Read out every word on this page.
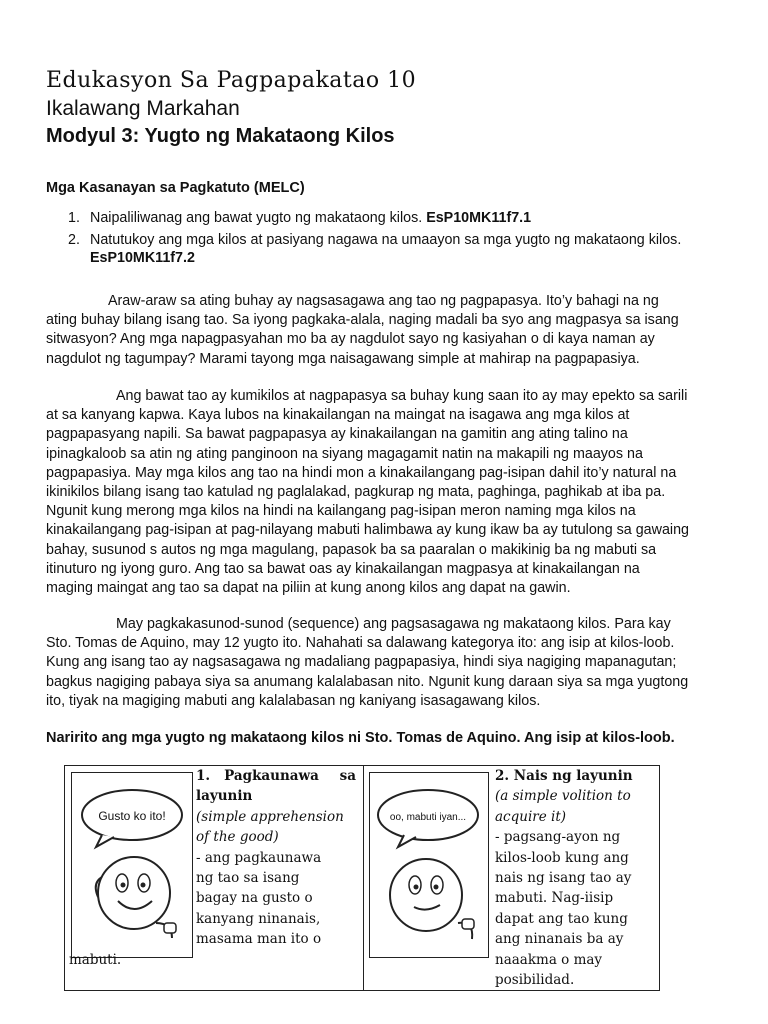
Edukasyon Sa Pagpapakatao 10
Ikalawang Markahan
Modyul 3: Yugto ng Makataong Kilos
Mga Kasanayan sa Pagkatuto (MELC)
1. Naipaliliwanag ang bawat yugto ng makataong kilos. EsP10MK11f7.1
2. Natutukoy ang mga kilos at pasiyang nagawa na umaayon sa mga yugto ng makataong kilos.
EsP10MK11f7.2
Araw-araw sa ating buhay ay nagsasagawa ang tao ng pagpapasya. Ito’y bahagi na ng
ating buhay bilang isang tao. Sa iyong pagkaka-alala, naging madali ba syo ang magpasya sa isang
sitwasyon? Ang mga napagpasyahan mo ba ay nagdulot sayo ng kasiyahan o di kaya naman ay
nagdulot ng tagumpay? Marami tayong mga naisagawang simple at mahirap na pagpapasiya.
Ang bawat tao ay kumikilos at nagpapasya sa buhay kung saan ito ay may epekto sa sarili
at sa kanyang kapwa. Kaya lubos na kinakailangan na maingat na isagawa ang mga kilos at
pagpapasyang napili. Sa bawat pagpapasya ay kinakailangan na gamitin ang ating talino na
ipinagkaloob sa atin ng ating panginoon na siyang magagamit natin na makapili ng maayos na
pagpapasiya. May mga kilos ang tao na hindi mon a kinakailangang pag-isipan dahil ito’y natural na
ikinikilos bilang isang tao katulad ng paglalakad, pagkurap ng mata, paghinga, paghikab at iba pa.
Ngunit kung merong mga kilos na hindi na kailangang pag-isipan meron naming mga kilos na
kinakailangang pag-isipan at pag-nilayang mabuti halimbawa ay kung ikaw ba ay tutulong sa gawaing
bahay, susunod s autos ng mga magulang, papasok ba sa paaralan o makikinig ba ng mabuti sa
itinuturo ng iyong guro. Ang tao sa bawat oas ay kinakailangan magpasya at kinakailangan na
maging maingat ang tao sa dapat na piliin at kung anong kilos ang dapat na gawin.
May pagkakasunod-sunod (sequence) ang pagsasagawa ng makataong kilos. Para kay
Sto. Tomas de Aquino, may 12 yugto ito. Nahahati sa dalawang kategorya ito: ang isip at kilos-loob.
Kung ang isang tao ay nagsasagawa ng madaliang pagpapasiya, hindi siya nagiging mapanagutan;
bagkus nagiging pabaya siya sa anumang kalalabasan nito. Ngunit kung daraan siya sa mga yugtong
ito, tiyak na magiging mabuti ang kalalabasan ng kaniyang isasagawang kilos.
Naririto ang mga yugto ng makataong kilos ni Sto. Tomas de Aquino. Ang isip at kilos-loob.
Gusto ko ito!
1. Pagkaunawa sa
layunin
(simple apprehension
of the good)
- ang pagkaunawa
ng tao sa isang
bagay na gusto o
kanyang ninanais,
masama man ito o
mabuti.
oo, mabuti iyan...
2. Nais ng layunin
(a simple volition to
acquire it)
- pagsang-ayon ng
kilos-loob kung ang
nais ng isang tao ay
mabuti. Nag-iisip
dapat ang tao kung
ang ninanais ba ay
naaakma o may
posibilidad.
